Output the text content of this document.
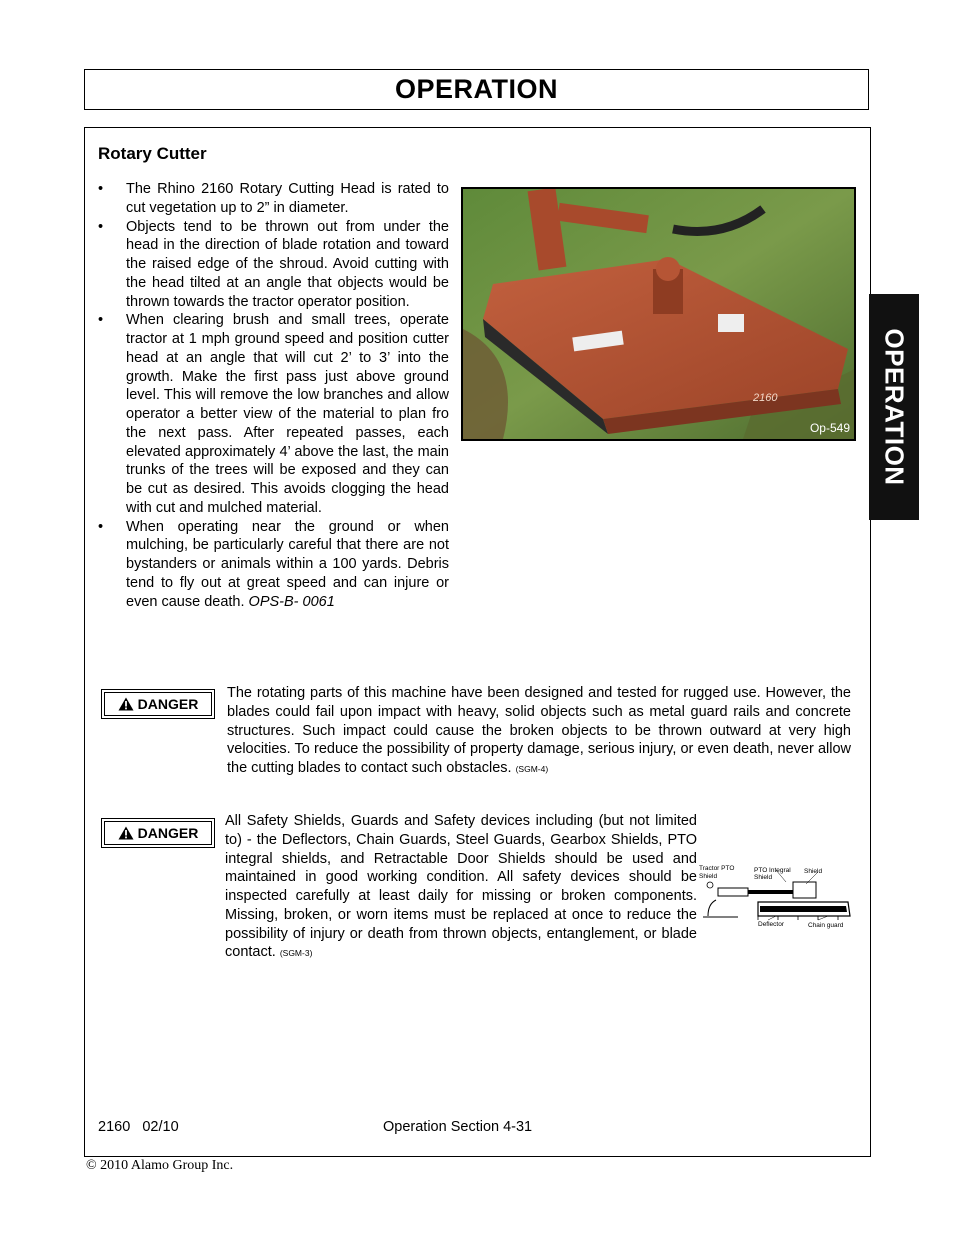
OPERATION
OPERATION
Rotary Cutter
• The Rhino 2160 Rotary Cutting Head is rated to cut vegetation up to 2” in diameter.
• Objects tend to be thrown out from under the head in the direction of blade rotation and toward the raised edge of the shroud. Avoid cutting with the head tilted at an angle that objects would be thrown towards the tractor operator position.
• When clearing brush and small trees, operate tractor at 1 mph ground speed and position cutter head at an angle that will cut 2’ to 3’ into the growth. Make the first pass just above ground level. This will remove the low branches and allow operator a better view of the material to plan fro the next pass. After repeated passes, each elevated approximately 4’ above the last, the main trunks of the trees will be exposed and they can be cut as desired. This avoids clogging the head with cut and mulched material.
• When operating near the ground or when mulching, be particularly careful that there are not bystanders or animals within a 100 yards. Debris tend to fly out at great speed and can injure or even cause death. OPS-B- 0061
2160
Op-549
DANGER
The rotating parts of this machine have been designed and tested for rugged use. However, the blades could fail upon impact with heavy, solid objects such as metal guard rails and concrete structures. Such impact could cause the broken objects to be thrown outward at very high velocities. To reduce the possibility of property damage, serious injury, or even death, never allow the cutting blades to contact such obstacles. (SGM-4)
DANGER
All Safety Shields, Guards and Safety devices including (but not limited to) - the Deflectors, Chain Guards, Steel Guards, Gearbox Shields, PTO integral shields, and Retractable Door Shields should be used and maintained in good working condition. All safety devices should be inspected carefully at least daily for missing or broken components. Missing, broken, or worn items must be replaced at once to reduce the possibility of injury or death from thrown objects, entanglement, or blade contact. (SGM-3)
Tractor PTO
Shield
PTO Integral
Shield
Shield
Deflector	Chain guard
2160   02/10	Operation Section 4-31
© 2010 Alamo Group Inc.
